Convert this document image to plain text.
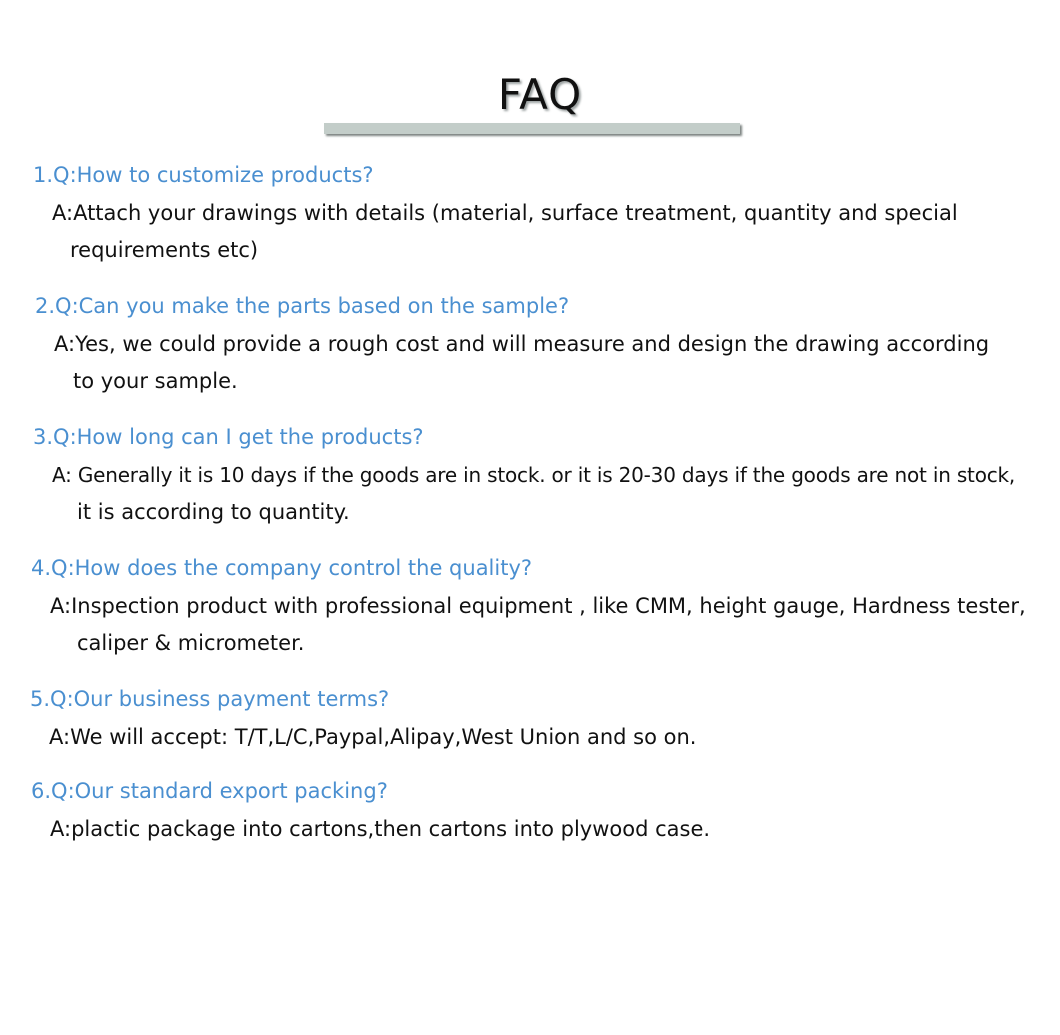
FAQ
1.Q:How to customize products?
A:Attach your drawings with details (material, surface treatment, quantity and special
requirements etc)
2.Q:Can you make the parts based on the sample?
A:Yes, we could provide a rough cost and will measure and design the drawing according
to your sample.
3.Q:How long can I get the products?
A: Generally it is 10 days if the goods are in stock. or it is 20-30 days if the goods are not in stock,
it is according to quantity.
4.Q:How does the company control the quality?
A:Inspection product with professional equipment , like CMM, height gauge, Hardness tester,
caliper & micrometer.
5.Q:Our business payment terms?
A:We will accept: T/T,L/C,Paypal,Alipay,West Union and so on.
6.Q:Our standard export packing?
A:plactic package into cartons,then cartons into plywood case.
